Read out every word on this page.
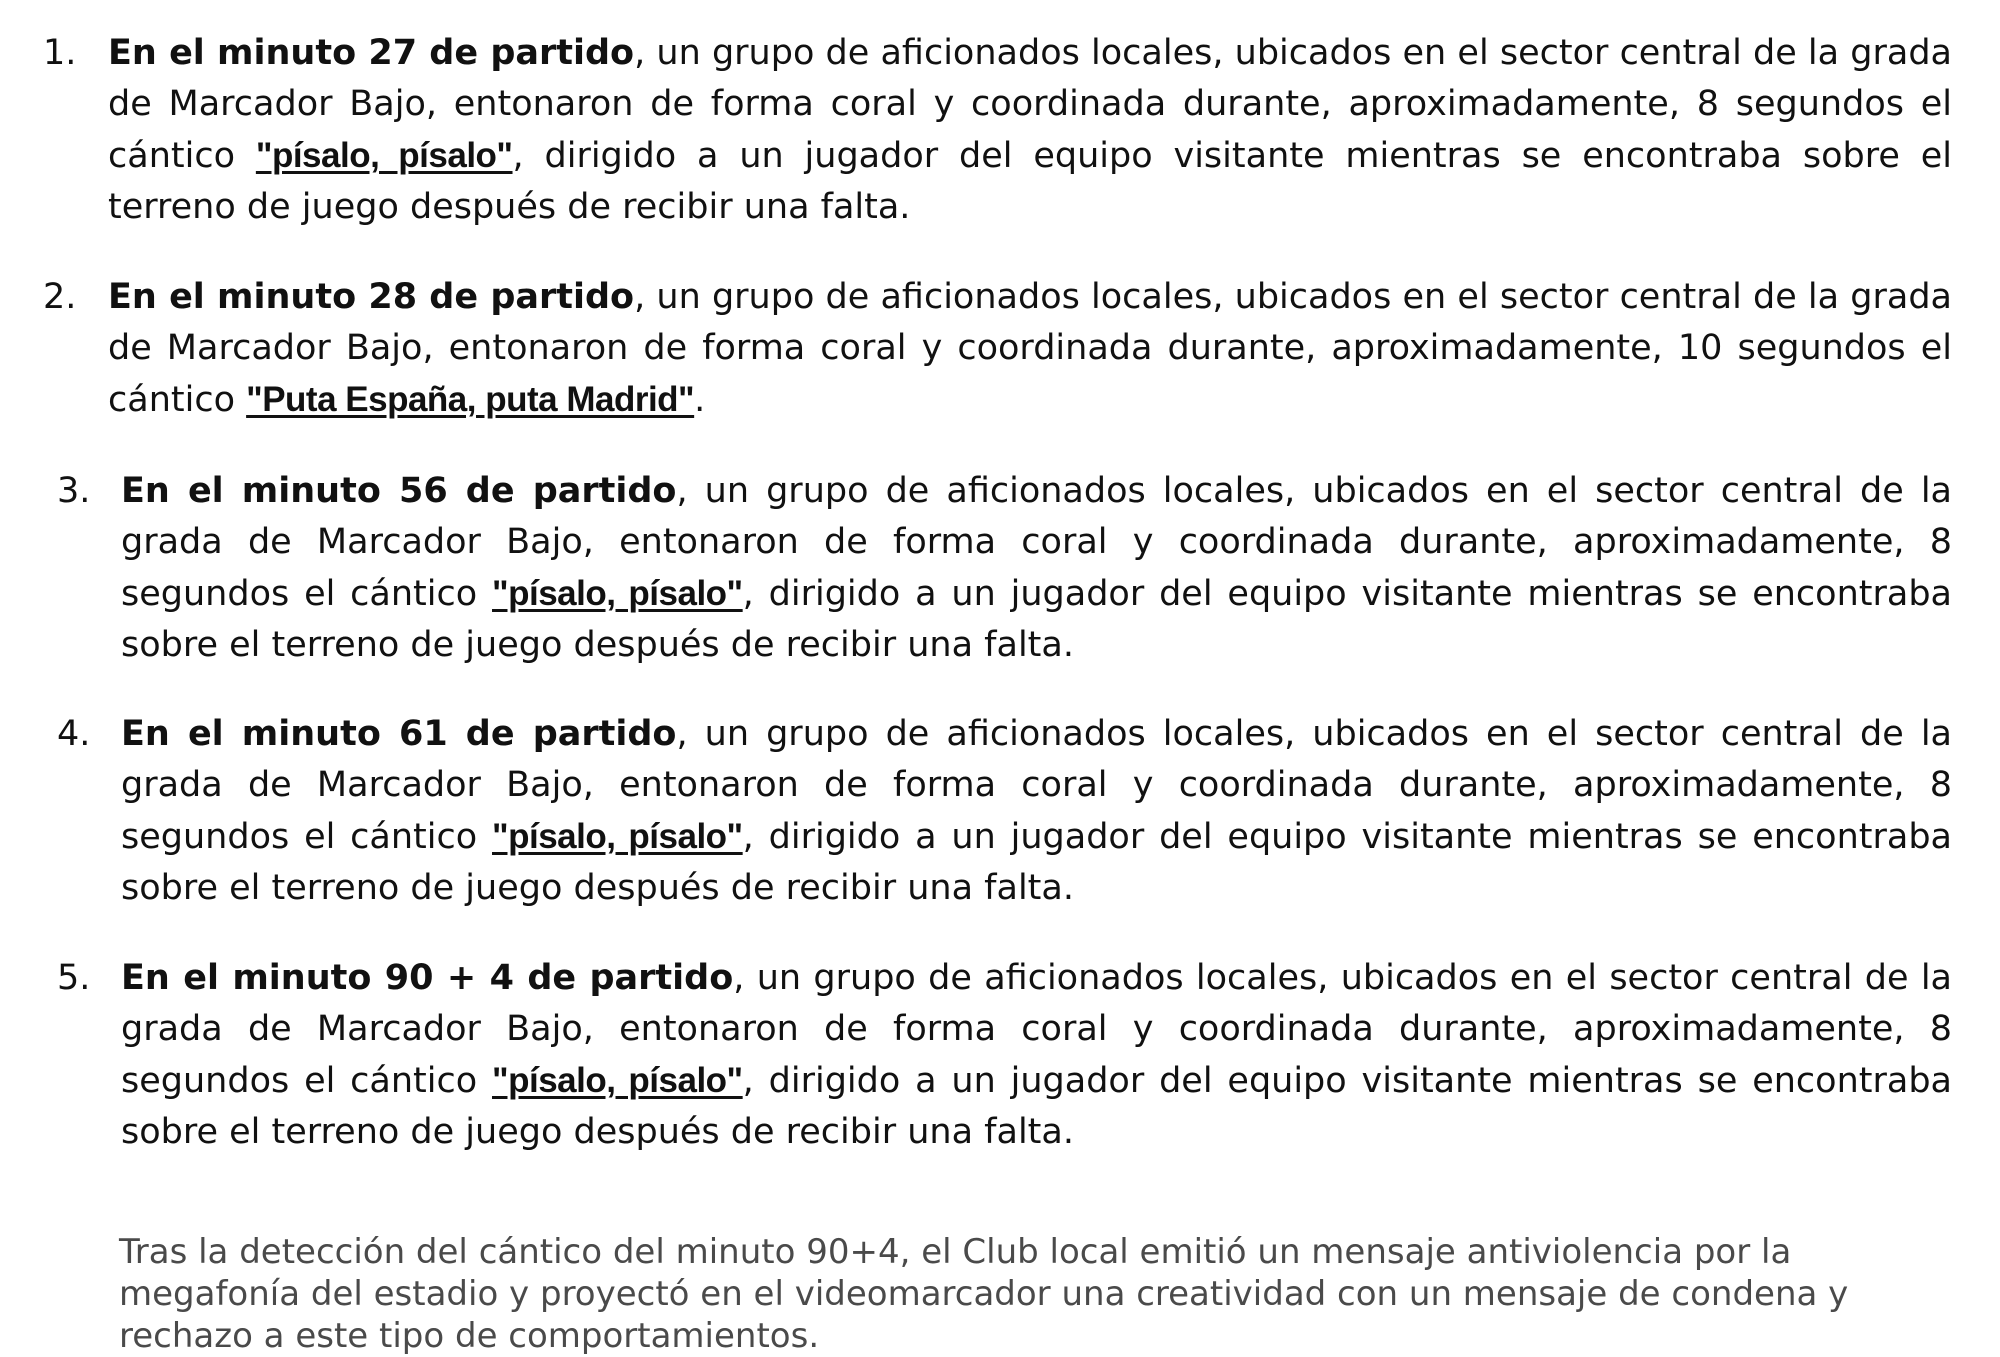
1. En el minuto 27 de partido, un grupo de aficionados locales, ubicados en el sector central de la grada de Marcador Bajo, entonaron de forma coral y coordinada durante, aproximadamente, 8 segundos el cántico "písalo, písalo", dirigido a un jugador del equipo visitante mientras se encontraba sobre el terreno de juego después de recibir una falta.
2. En el minuto 28 de partido, un grupo de aficionados locales, ubicados en el sector central de la grada de Marcador Bajo, entonaron de forma coral y coordinada durante, aproximadamente, 10 segundos el cántico "Puta España, puta Madrid".
3. En el minuto 56 de partido, un grupo de aficionados locales, ubicados en el sector central de la grada de Marcador Bajo, entonaron de forma coral y coordinada durante, aproximadamente, 8 segundos el cántico "písalo, písalo", dirigido a un jugador del equipo visitante mientras se encontraba sobre el terreno de juego después de recibir una falta.
4. En el minuto 61 de partido, un grupo de aficionados locales, ubicados en el sector central de la grada de Marcador Bajo, entonaron de forma coral y coordinada durante, aproximadamente, 8 segundos el cántico "písalo, písalo", dirigido a un jugador del equipo visitante mientras se encontraba sobre el terreno de juego después de recibir una falta.
5. En el minuto 90 + 4 de partido, un grupo de aficionados locales, ubicados en el sector central de la grada de Marcador Bajo, entonaron de forma coral y coordinada durante, aproximadamente, 8 segundos el cántico "písalo, písalo", dirigido a un jugador del equipo visitante mientras se encontraba sobre el terreno de juego después de recibir una falta.

Tras la detección del cántico del minuto 90+4, el Club local emitió un mensaje antiviolencia por la megafonía del estadio y proyectó en el videomarcador una creatividad con un mensaje de condena y rechazo a este tipo de comportamientos.
